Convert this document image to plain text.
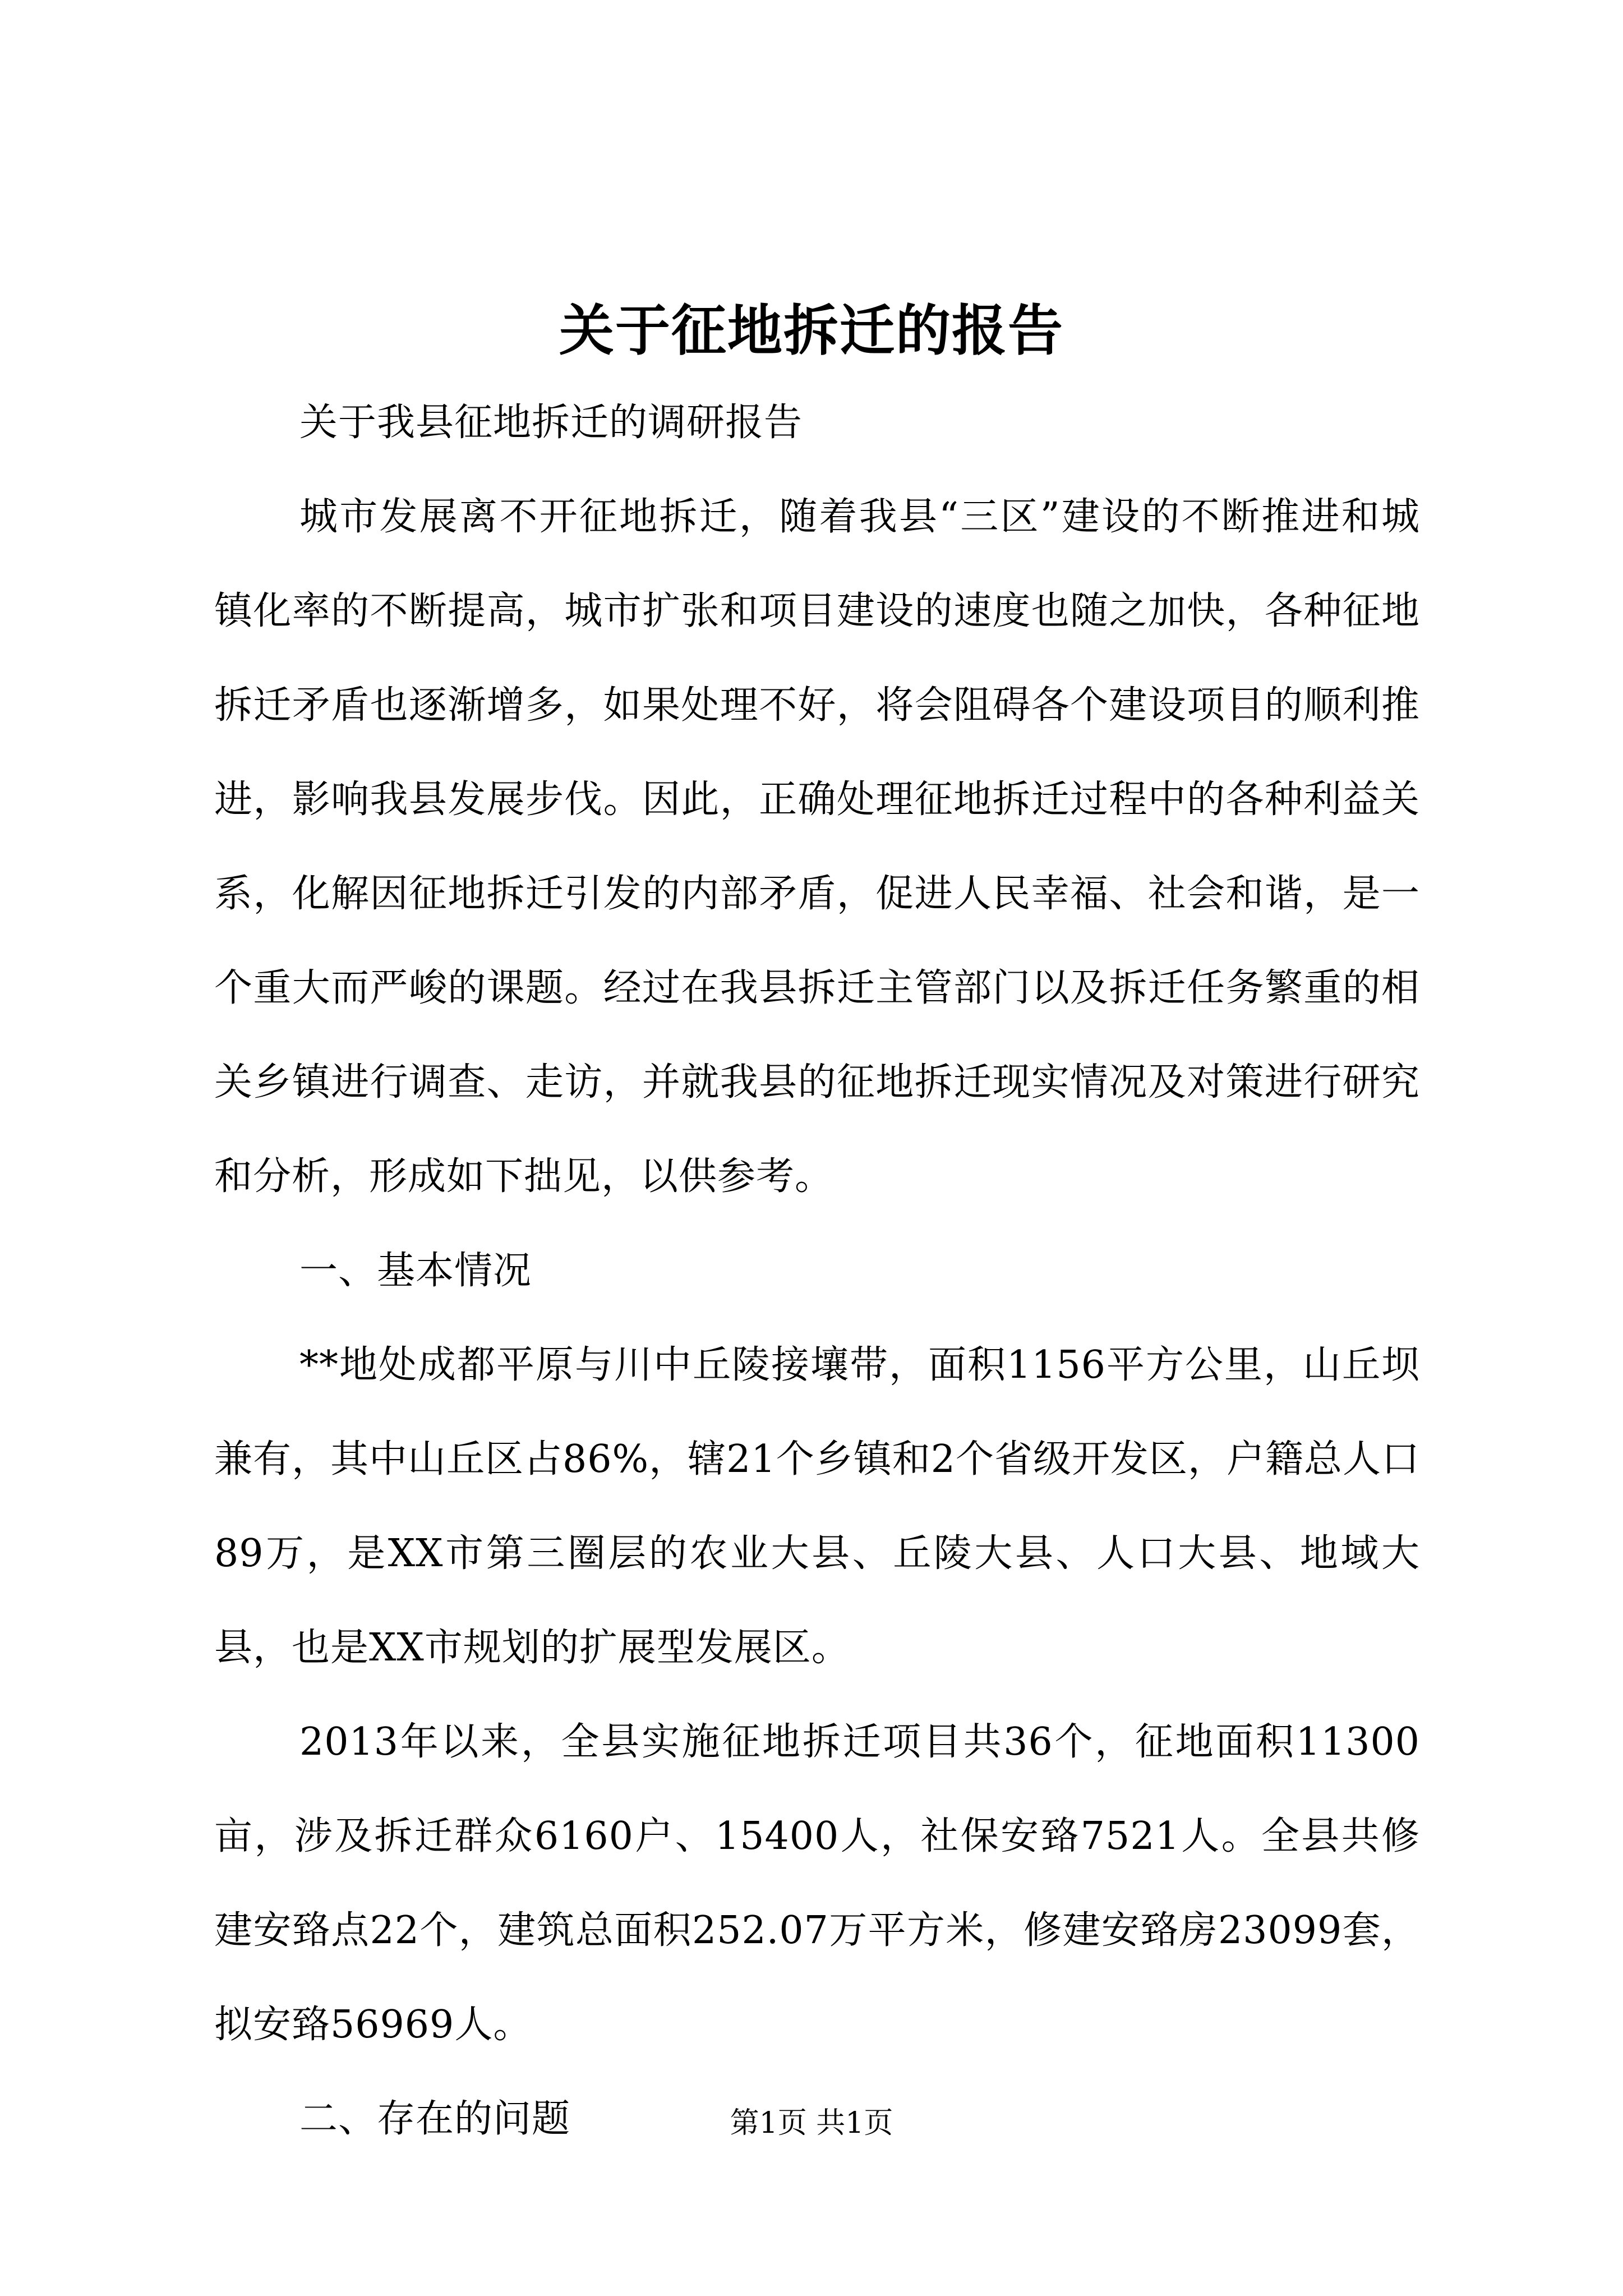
关于征地拆迁的报告

关于我县征地拆迁的调研报告

城市发展离不开征地拆迁，随着我县“三区”建设的不断推进和城镇化率的不断提高，城市扩张和项目建设的速度也随之加快，各种征地拆迁矛盾也逐渐增多，如果处理不好，将会阻碍各个建设项目的顺利推进，影响我县发展步伐。因此，正确处理征地拆迁过程中的各种利益关系，化解因征地拆迁引发的内部矛盾，促进人民幸福、社会和谐，是一个重大而严峻的课题。经过在我县拆迁主管部门以及拆迁任务繁重的相关乡镇进行调查、走访，并就我县的征地拆迁现实情况及对策进行研究和分析，形成如下拙见，以供参考。

一、基本情况

**地处成都平原与川中丘陵接壤带，面积1156平方公里，山丘坝兼有，其中山丘区占86%，辖21个乡镇和2个省级开发区，户籍总人口89万，是XX市第三圈层的农业大县、丘陵大县、人口大县、地域大县，也是XX市规划的扩展型发展区。

2013年以来，全县实施征地拆迁项目共36个，征地面积11300亩，涉及拆迁群众6160户、15400人，社保安臵7521人。全县共修建安臵点22个，建筑总面积252.07万平方米，修建安臵房23099套，拟安臵56969人。

二、存在的问题	第1页 共1页
